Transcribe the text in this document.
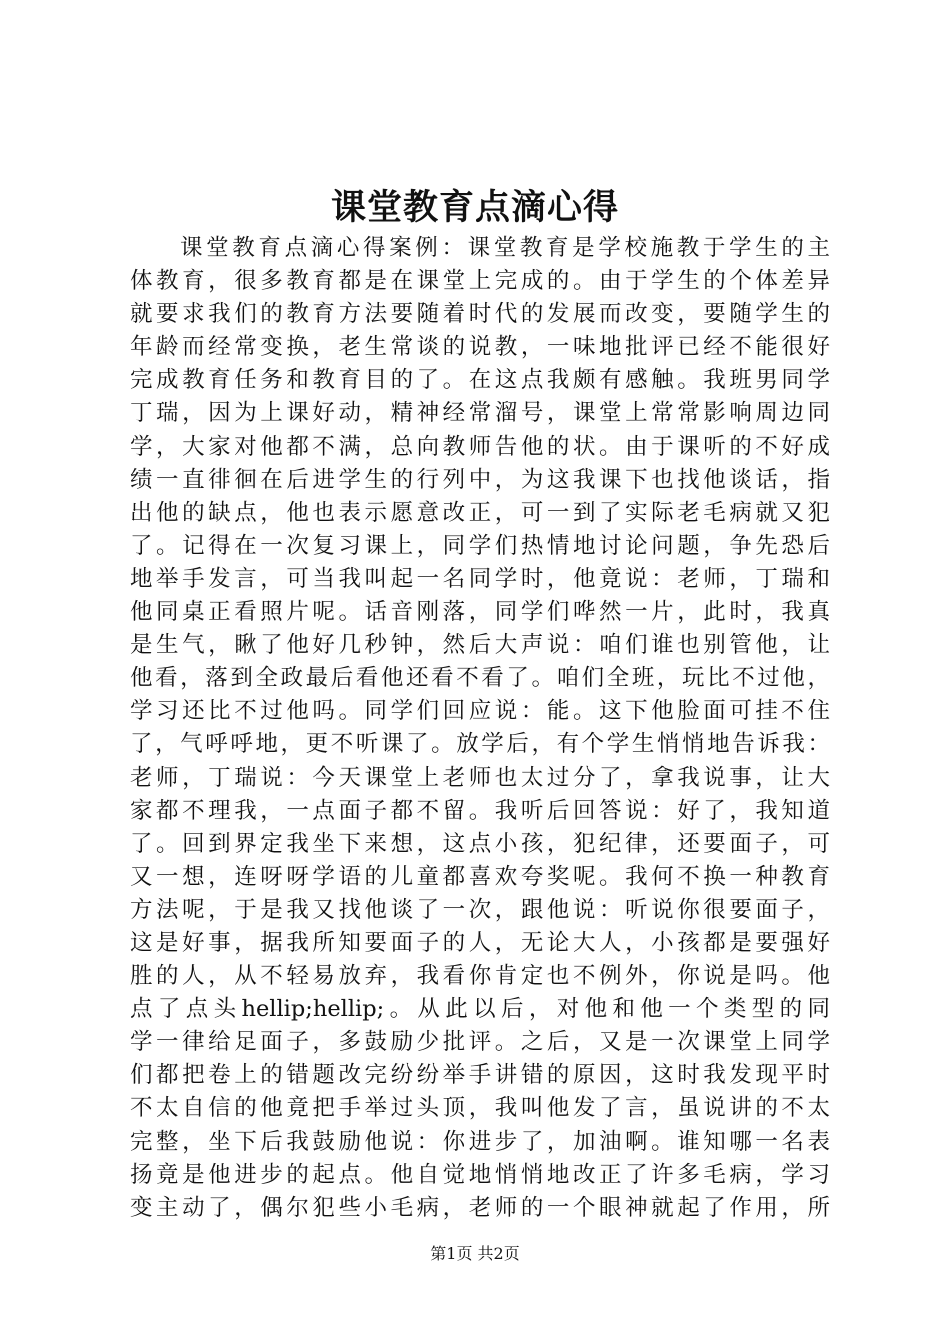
课堂教育点滴心得
课堂教育点滴心得案例：课堂教育是学校施教于学生的主
体教育，很多教育都是在课堂上完成的。由于学生的个体差异
就要求我们的教育方法要随着时代的发展而改变，要随学生的
年龄而经常变换，老生常谈的说教，一味地批评已经不能很好
完成教育任务和教育目的了。在这点我颇有感触。我班男同学
丁瑞，因为上课好动，精神经常溜号，课堂上常常影响周边同
学，大家对他都不满，总向教师告他的状。由于课听的不好成
绩一直徘徊在后进学生的行列中，为这我课下也找他谈话，指
出他的缺点，他也表示愿意改正，可一到了实际老毛病就又犯
了。记得在一次复习课上，同学们热情地讨论问题，争先恐后
地举手发言，可当我叫起一名同学时，他竟说：老师，丁瑞和
他同桌正看照片呢。话音刚落，同学们哗然一片，此时，我真
是生气，瞅了他好几秒钟，然后大声说：咱们谁也别管他，让
他看，落到全政最后看他还看不看了。咱们全班，玩比不过他，
学习还比不过他吗。同学们回应说：能。这下他脸面可挂不住
了，气呼呼地，更不听课了。放学后，有个学生悄悄地告诉我：
老师，丁瑞说：今天课堂上老师也太过分了，拿我说事，让大
家都不理我，一点面子都不留。我听后回答说：好了，我知道
了。回到界定我坐下来想，这点小孩，犯纪律，还要面子，可
又一想，连呀呀学语的儿童都喜欢夸奖呢。我何不换一种教育
方法呢，于是我又找他谈了一次，跟他说：听说你很要面子，
这是好事，据我所知要面子的人，无论大人，小孩都是要强好
胜的人，从不轻易放弃，我看你肯定也不例外，你说是吗。他
点了点头hellip;hellip;。从此以后，对他和他一个类型的同
学一律给足面子，多鼓励少批评。之后，又是一次课堂上同学
们都把卷上的错题改完纷纷举手讲错的原因，这时我发现平时
不太自信的他竟把手举过头顶，我叫他发了言，虽说讲的不太
完整，坐下后我鼓励他说：你进步了，加油啊。谁知哪一名表
扬竟是他进步的起点。他自觉地悄悄地改正了许多毛病，学习
变主动了，偶尔犯些小毛病，老师的一个眼神就起了作用，所
第1页 共2页
